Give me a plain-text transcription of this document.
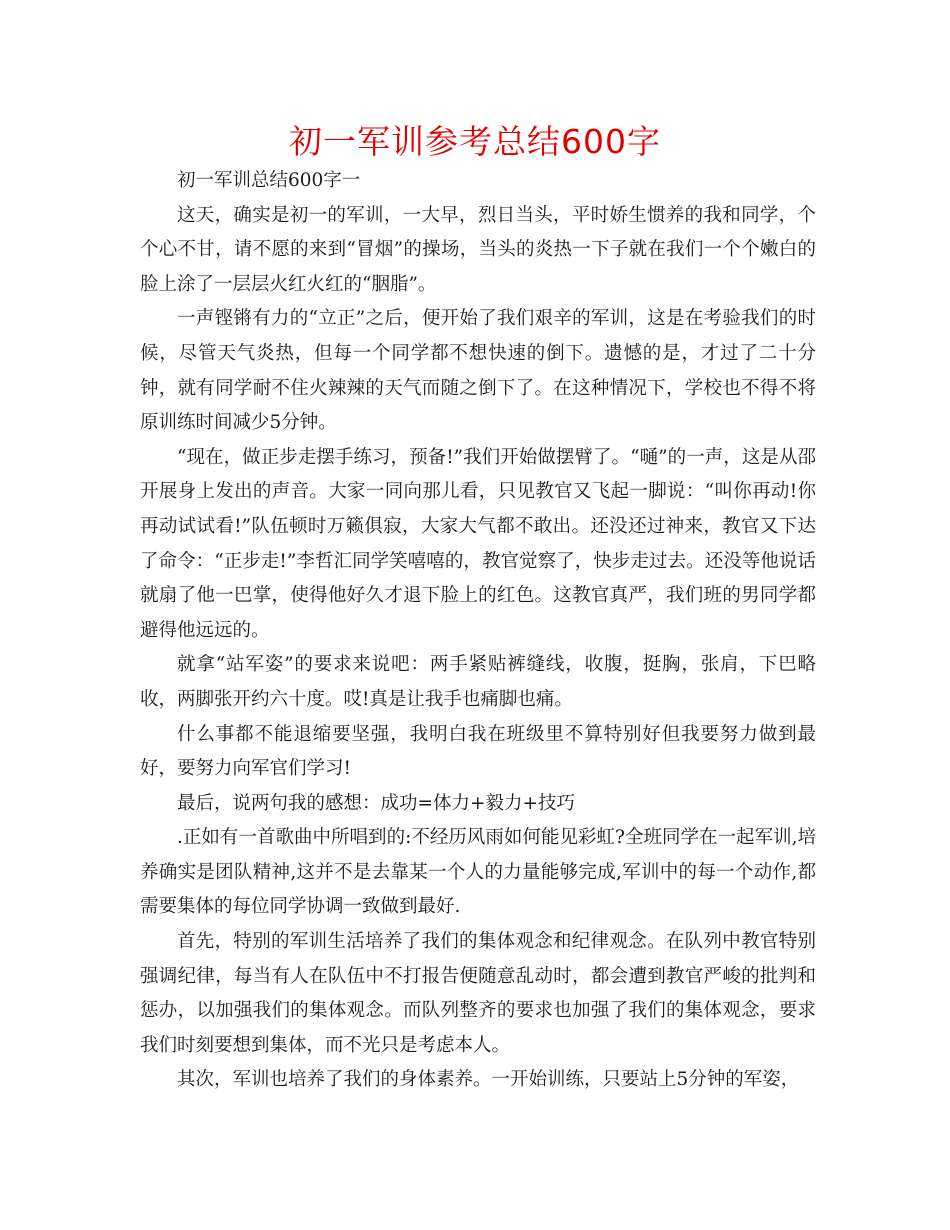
初一军训参考总结600字

初一军训总结600字一

这天，确实是初一的军训，一大早，烈日当头，平时娇生惯养的我和同学，个个心不甘，请不愿的来到“冒烟”的操场，当头的炎热一下子就在我们一个个嫩白的脸上涂了一层层火红火红的“胭脂”。

一声铿锵有力的“立正”之后，便开始了我们艰辛的军训，这是在考验我们的时候，尽管天气炎热，但每一个同学都不想快速的倒下。遗憾的是，才过了二十分钟，就有同学耐不住火辣辣的天气而随之倒下了。在这种情况下，学校也不得不将原训练时间减少5分钟。

“现在，做正步走摆手练习，预备!”我们开始做摆臂了。“嗵”的一声，这是从邵开展身上发出的声音。大家一同向那儿看，只见教官又飞起一脚说：“叫你再动!你再动试试看!”队伍顿时万籁俱寂，大家大气都不敢出。还没还过神来，教官又下达了命令：“正步走!”李哲汇同学笑嘻嘻的，教官觉察了，快步走过去。还没等他说话就扇了他一巴掌，使得他好久才退下脸上的红色。这教官真严，我们班的男同学都避得他远远的。

就拿“站军姿”的要求来说吧：两手紧贴裤缝线，收腹，挺胸，张肩，下巴略收，两脚张开约六十度。哎!真是让我手也痛脚也痛。

什么事都不能退缩要坚强，我明白我在班级里不算特别好但我要努力做到最好，要努力向军官们学习!

最后，说两句我的感想：成功=体力+毅力+技巧

.正如有一首歌曲中所唱到的:不经历风雨如何能见彩虹?全班同学在一起军训,培养确实是团队精神,这并不是去靠某一个人的力量能够完成,军训中的每一个动作,都需要集体的每位同学协调一致做到最好.

首先，特别的军训生活培养了我们的集体观念和纪律观念。在队列中教官特别强调纪律，每当有人在队伍中不打报告便随意乱动时，都会遭到教官严峻的批判和惩办，以加强我们的集体观念。而队列整齐的要求也加强了我们的集体观念，要求我们时刻要想到集体，而不光只是考虑本人。

其次，军训也培养了我们的身体素养。一开始训练，只要站上5分钟的军姿，
